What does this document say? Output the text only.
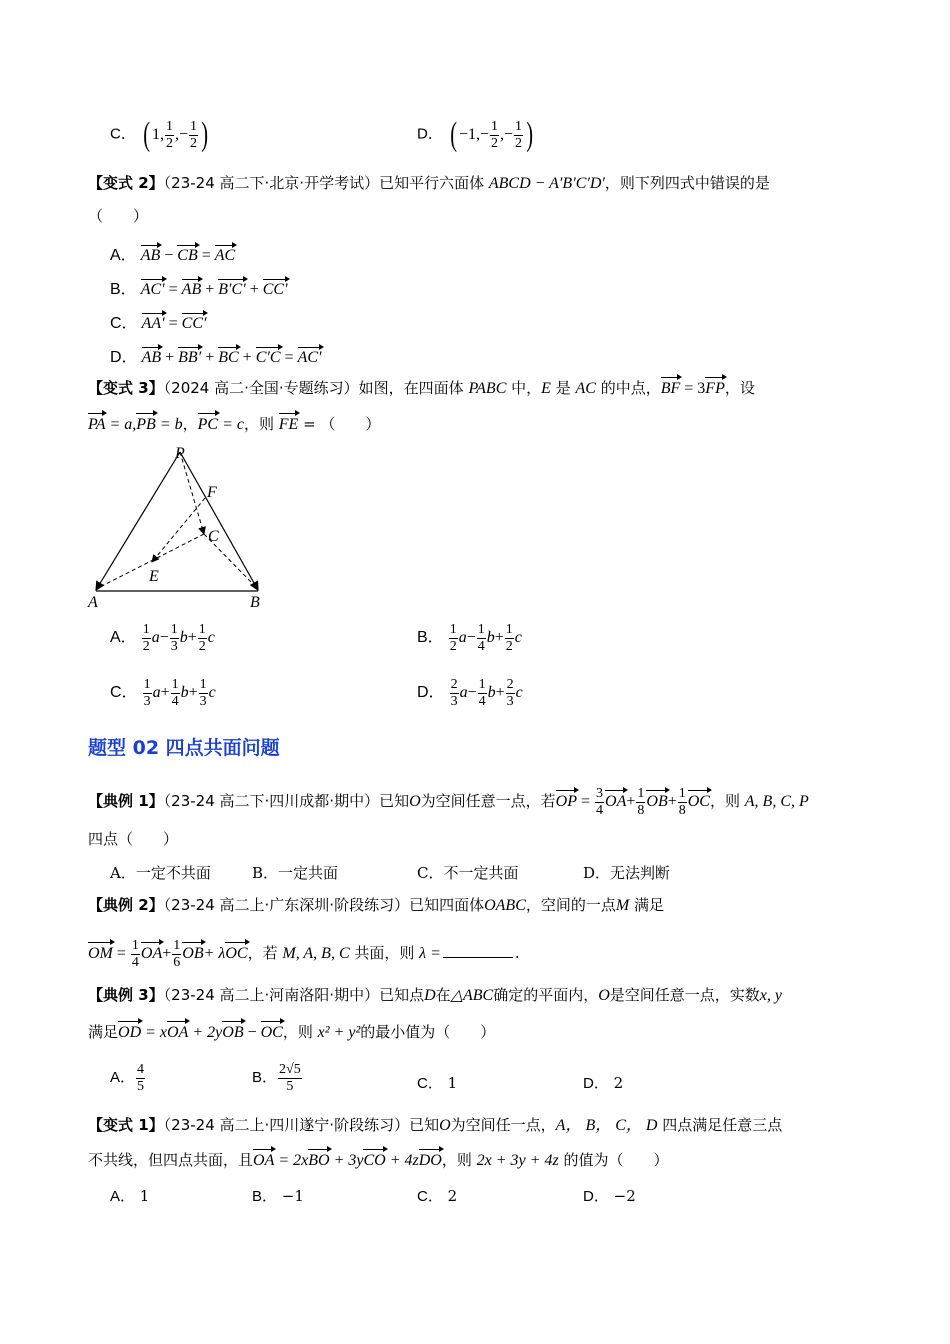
C． ( 1, $\frac{1}{2}$ ,− $\frac{1}{2}$ )	D． ( $-1,- \frac{1}{2}$ ,− $\frac{1}{2}$ )
【变式 2】（23-24 高二下·北京·开学考试）已知平行六面体 ABCD − A′B′C′D′，则下列四式中错误的是
（　　）
A． AB − CB = AC
B． AC′ = AB + B′C′ + CC′
C． AA′ = CC′
D． AB + BB′ + BC + C′C = AC′
【变式 3】（2024 高二·全国·专题练习）如图，在四面体 PABC 中，E 是 AC 的中点，BF = 3FP，设
PA = a,PB = b，PC = c，则 FE = （　　）
P
F
C
E
A	B
A． $\frac{1}{2} a- \frac{1}{3} b+ \frac{1}{2}$ c	B． $\frac{1}{2} a- \frac{1}{4} b+ \frac{1}{2}$ c
C． $\frac{1}{3} a+ \frac{1}{4} b+ \frac{1}{3}$ c	D． $\frac{2}{3} a- \frac{1}{4} b+ \frac{2}{3}$ c
题型 02 四点共面问题
【典例 1】（23-24 高二下·四川成都·期中）已知O为空间任意一点，若OP = $\frac{3}{4} OA+ \frac{1}{8} OB+ \frac{1}{8}$ OC，则 A, B, C, P
四点（　　）
A．一定不共面	B．一定共面	C．不一定共面	D．无法判断
【典例 2】（23-24 高二上·广东深圳·阶段练习）已知四面体OABC，空间的一点M 满足
OM = $\frac{1}{4} OA+ \frac{1}{6} OB+ \lambda OC$，若 M, A, B, C 共面，则 λ =	.
【典例 3】（23-24 高二上·河南洛阳·期中）已知点D在△ABC确定的平面内，O是空间任意一点，实数x, y
满足OD = xOA + 2yOB − OC，则 x² + y²的最小值为（　　）
A． $\frac{4}{5}$	B． $\frac{2√5}{5}$	C． 1	D． 2
【变式 1】（23-24 高二上·四川遂宁·阶段练习）已知O为空间任一点，A， B， C， D 四点满足任意三点
不共线，但四点共面，且OA = 2xBO + 3yCO + 4zDO，则 2x + 3y + 4z 的值为（　　）
A． 1	B． −1	C． 2	D． −2
